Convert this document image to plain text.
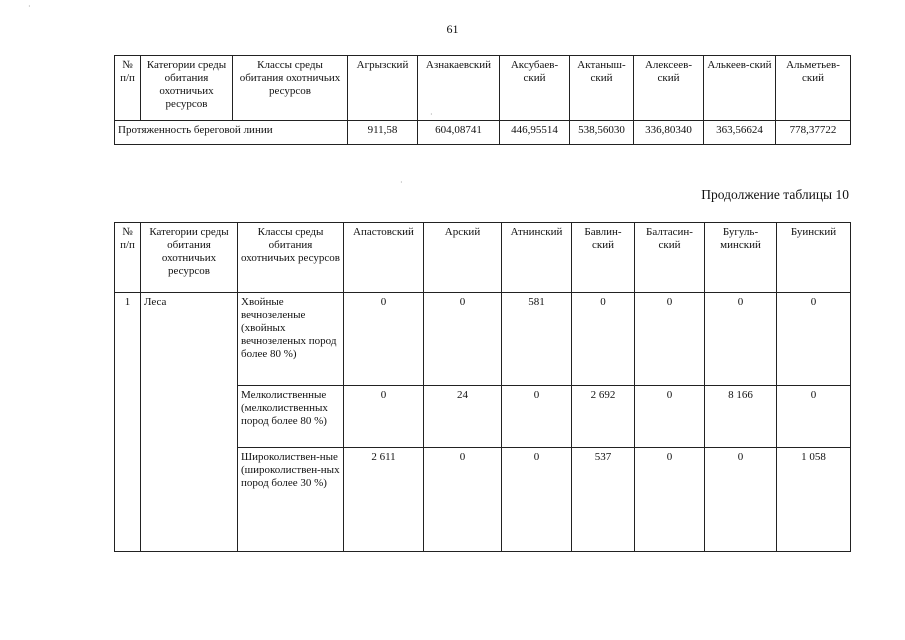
61
·
·
·
№ п/п	Категории среды обитания охотничьих ресурсов	Классы среды обитания охотничьих ресурсов	Агрызский	Азнакаевский	Аксубаев-ский	Актаныш-ский	Алексеев-ский	Алькеев-ский	Альметьев-ский
Протяженность береговой линии			911,58	604,08741	446,95514	538,56030	336,80340	363,56624	778,37722
Продолжение таблицы 10
№ п/п	Категории среды обитания охотничьих ресурсов	Классы среды обитания охотничьих ресурсов	Апастовский	Арский	Атнинский	Бавлин-ский	Балтасин-ский	Бугуль-минский	Буинский
1	Леса	Хвойные вечнозеленые (хвойных вечнозеленых пород более 80 %)	0	0	581	0	0	0	0
		Мелколиственные (мелколиственных пород более 80 %)	0	24	0	2 692	0	8 166	0
		Широколиствен-ные (широколиствен-ных пород более 30 %)	2 611	0	0	537	0	0	1 058
